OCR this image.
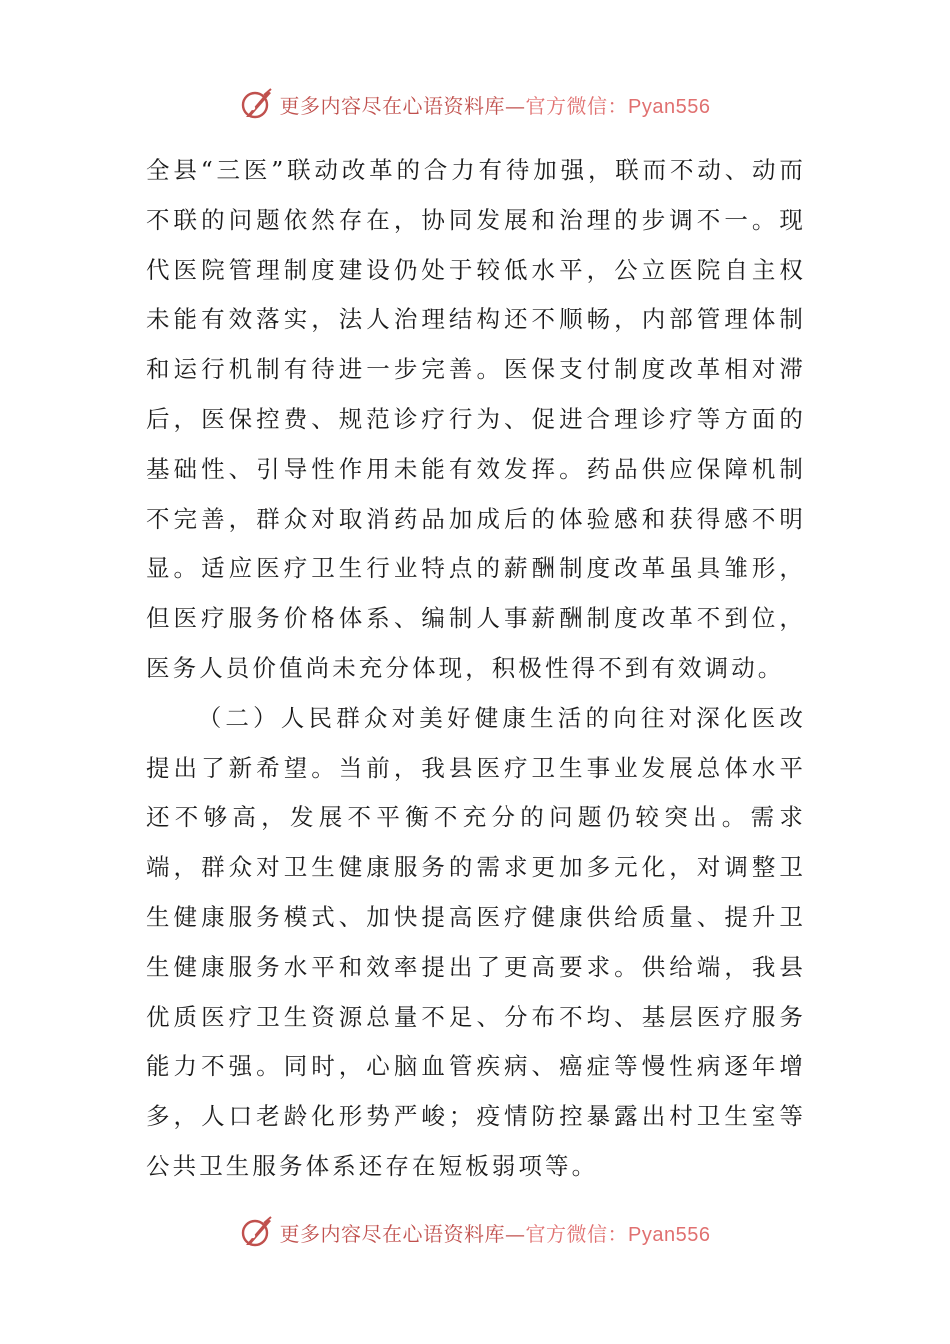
更多内容尽在心语资料库—官方微信：Pyan556

全县“三医”联动改革的合力有待加强，联而不动、动而不联的问题依然存在，协同发展和治理的步调不一。现代医院管理制度建设仍处于较低水平，公立医院自主权未能有效落实，法人治理结构还不顺畅，内部管理体制和运行机制有待进一步完善。医保支付制度改革相对滞后，医保控费、规范诊疗行为、促进合理诊疗等方面的基础性、引导性作用未能有效发挥。药品供应保障机制不完善，群众对取消药品加成后的体验感和获得感不明显。适应医疗卫生行业特点的薪酬制度改革虽具雏形，但医疗服务价格体系、编制人事薪酬制度改革不到位，医务人员价值尚未充分体现，积极性得不到有效调动。

（二）人民群众对美好健康生活的向往对深化医改提出了新希望。当前，我县医疗卫生事业发展总体水平还不够高，发展不平衡不充分的问题仍较突出。需求端，群众对卫生健康服务的需求更加多元化，对调整卫生健康服务模式、加快提高医疗健康供给质量、提升卫生健康服务水平和效率提出了更高要求。供给端，我县优质医疗卫生资源总量不足、分布不均、基层医疗服务能力不强。同时，心脑血管疾病、癌症等慢性病逐年增多，人口老龄化形势严峻；疫情防控暴露出村卫生室等公共卫生服务体系还存在短板弱项等。

更多内容尽在心语资料库—官方微信：Pyan556
